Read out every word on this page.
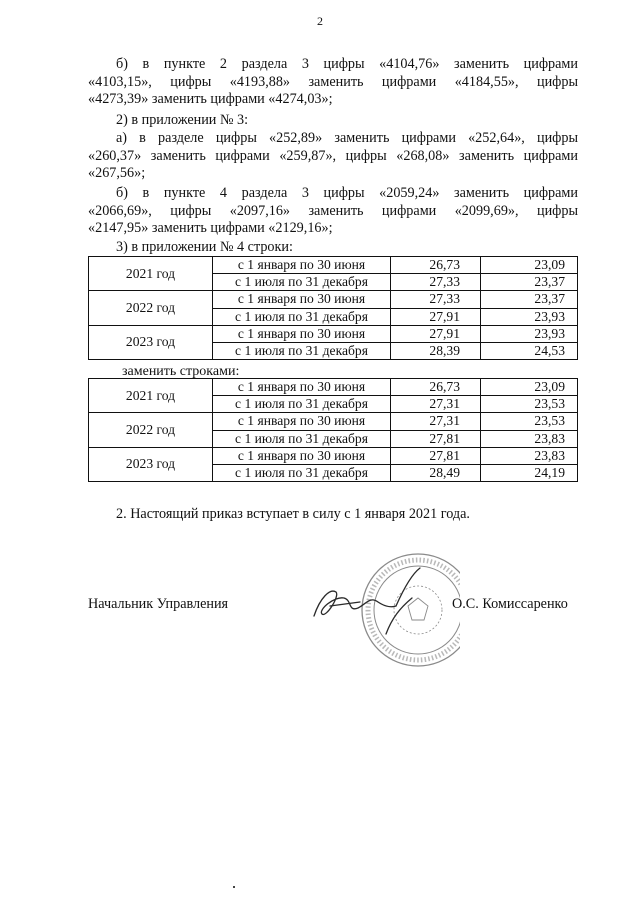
2
б) в пункте 2 раздела 3 цифры «4104,76» заменить цифрами
«4103,15», цифры «4193,88» заменить цифрами «4184,55», цифры
«4273,39» заменить цифрами «4274,03»;
2) в приложении № 3:
а) в разделе цифры «252,89» заменить цифрами «252,64», цифры
«260,37» заменить цифрами «259,87», цифры «268,08» заменить цифрами
«267,56»;
б) в пункте 4 раздела 3 цифры «2059,24» заменить цифрами
«2066,69», цифры «2097,16» заменить цифрами «2099,69», цифры
«2147,95» заменить цифрами «2129,16»;
3) в приложении № 4 строки:
2021 год	с 1 января по 30 июня	26,73	23,09
	с 1 июля по 31 декабря	27,33	23,37
2022 год	с 1 января по 30 июня	27,33	23,37
	с 1 июля по 31 декабря	27,91	23,93
2023 год	с 1 января по 30 июня	27,91	23,93
	с 1 июля по 31 декабря	28,39	24,53
заменить строками:
2021 год	с 1 января по 30 июня	26,73	23,09
	с 1 июля по 31 декабря	27,31	23,53
2022 год	с 1 января по 30 июня	27,31	23,53
	с 1 июля по 31 декабря	27,81	23,83
2023 год	с 1 января по 30 июня	27,81	23,83
	с 1 июля по 31 декабря	28,49	24,19
2. Настоящий приказ вступает в силу с 1 января 2021 года.
Начальник Управления	О.С. Комиссаренко
